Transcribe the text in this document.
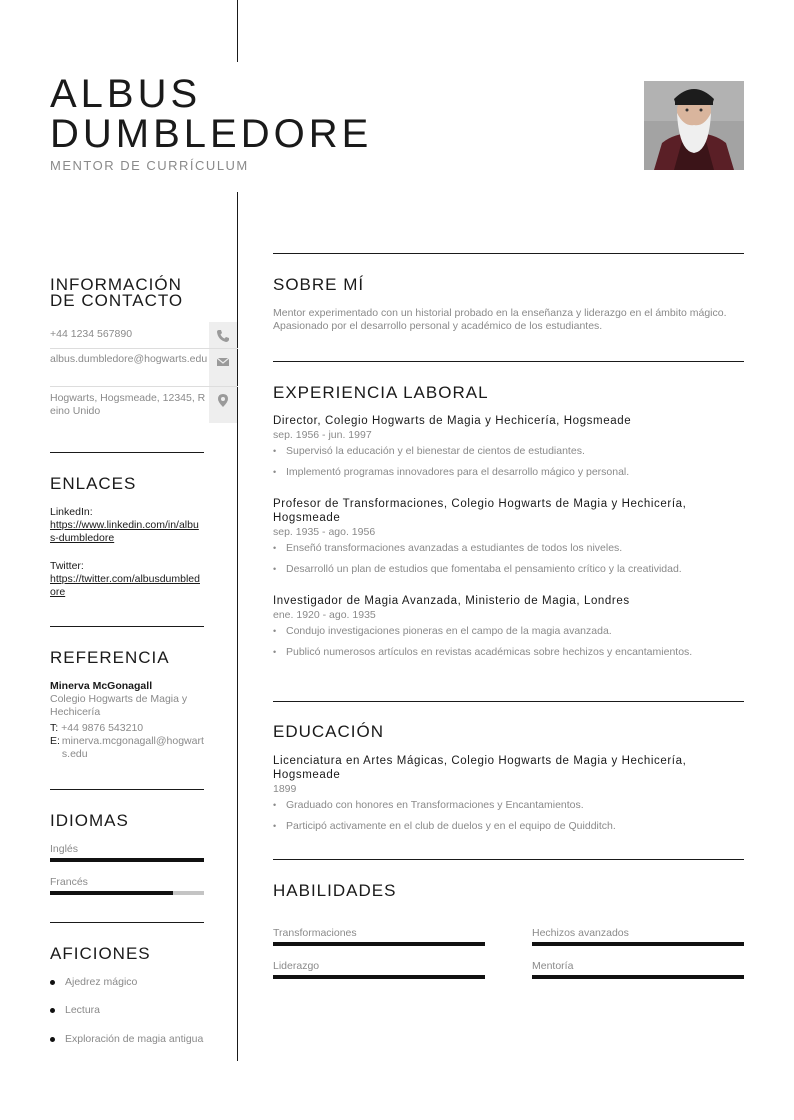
ALBUS
DUMBLEDORE
MENTOR DE CURRÍCULUM
INFORMACIÓN
DE CONTACTO
+44 1234 567890
albus.dumbledore@hogwarts.edu
Hogwarts, Hogsmeade, 12345, Reino Unido
ENLACES
LinkedIn:
https://www.linkedin.com/in/albus-dumbledore
Twitter:
https://twitter.com/albusdumbledore
REFERENCIA
Minerva McGonagall
Colegio Hogwarts de Magia y Hechicería
T: +44 9876 543210
E: minerva.mcgonagall@hogwarts.edu
IDIOMAS
Inglés
Francés
AFICIONES
Ajedrez mágico
Lectura
Exploración de magia antigua
SOBRE MÍ
Mentor experimentado con un historial probado en la enseñanza y liderazgo en el ámbito mágico. Apasionado por el desarrollo personal y académico de los estudiantes.
EXPERIENCIA LABORAL
Director, Colegio Hogwarts de Magia y Hechicería, Hogsmeade
sep. 1956 - jun. 1997
• Supervisó la educación y el bienestar de cientos de estudiantes.
• Implementó programas innovadores para el desarrollo mágico y personal.
Profesor de Transformaciones, Colegio Hogwarts de Magia y Hechicería, Hogsmeade
sep. 1935 - ago. 1956
• Enseñó transformaciones avanzadas a estudiantes de todos los niveles.
• Desarrolló un plan de estudios que fomentaba el pensamiento crítico y la creatividad.
Investigador de Magia Avanzada, Ministerio de Magia, Londres
ene. 1920 - ago. 1935
• Condujo investigaciones pioneras en el campo de la magia avanzada.
• Publicó numerosos artículos en revistas académicas sobre hechizos y encantamientos.
EDUCACIÓN
Licenciatura en Artes Mágicas, Colegio Hogwarts de Magia y Hechicería, Hogsmeade
1899
• Graduado con honores en Transformaciones y Encantamientos.
• Participó activamente en el club de duelos y en el equipo de Quidditch.
HABILIDADES
Transformaciones	Hechizos avanzados
Liderazgo	Mentoría
